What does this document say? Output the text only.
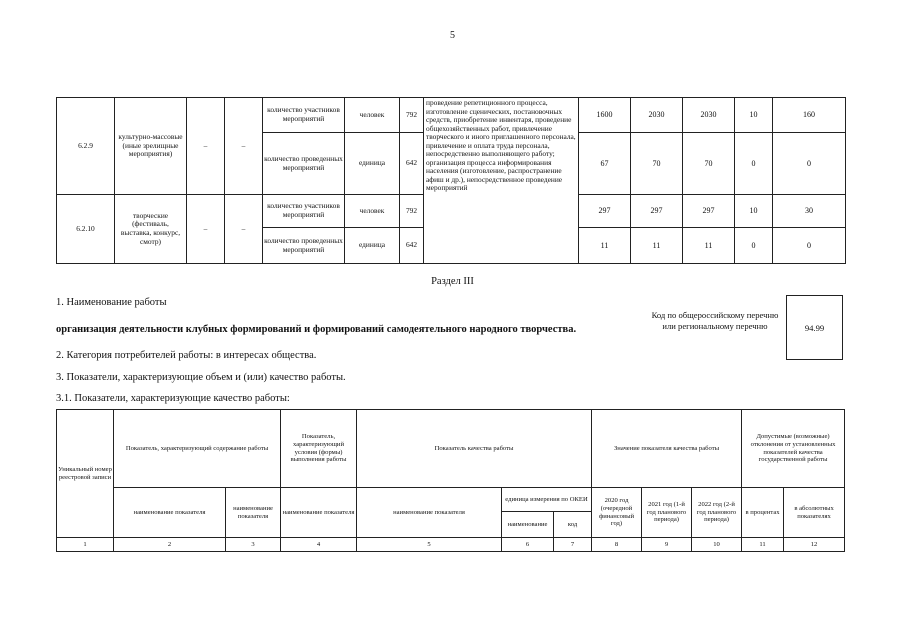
5
6.2.9	культурно-массовые (иные зрелищные мероприятия)	–	–	количество участников мероприятий	человек	792	проведение репетиционного процесса, изготовление сценических, постановочных средств, приобретение инвентаря, проведение общехозяйственных работ, привлечение творческого и иного приглашенного персонала, привлечение и оплата труда персонала, непосредственно выполняющего работу; организация процесса информирования населения (изготовление, распространение афиш и др.), непосредственное проведение мероприятий	1600	2030	2030	10	160
				количество проведенных мероприятий	единица	642		67	70	70	0	0
6.2.10	творческие (фестиваль, выставка, конкурс, смотр)	–	–	количество участников мероприятий	человек	792		297	297	297	10	30
				количество проведенных мероприятий	единица	642		11	11	11	0	0
Раздел III
1. Наименование работы
организация деятельности клубных формирований и формирований самодеятельного народного творчества.
Код по общероссийскому перечню или региональному перечню	94.99
2. Категория потребителей работы: в интересах общества.
3. Показатели, характеризующие объем и (или) качество работы.
3.1. Показатели, характеризующие качество работы:
Уникальный номер реестровой записи	Показатель, характеризующий содержание работы		Показатель, характеризующий условия (формы) выполнения работы	Показатель качества работы			Значение показателя качества работы			Допустимые (возможные) отклонения от установленных показателей качества государственной работы	
	наименование показателя	наименование показателя	наименование показателя	наименование показателя	единица измерения по ОКЕИ		2020 год (очередной финансовый год)	2021 год (1-й год планового периода)	2022 год (2-й год планового периода)	в процентах	в абсолютных показателях
					наименование	код					
1	2	3	4	5	6	7	8	9	10	11	12
